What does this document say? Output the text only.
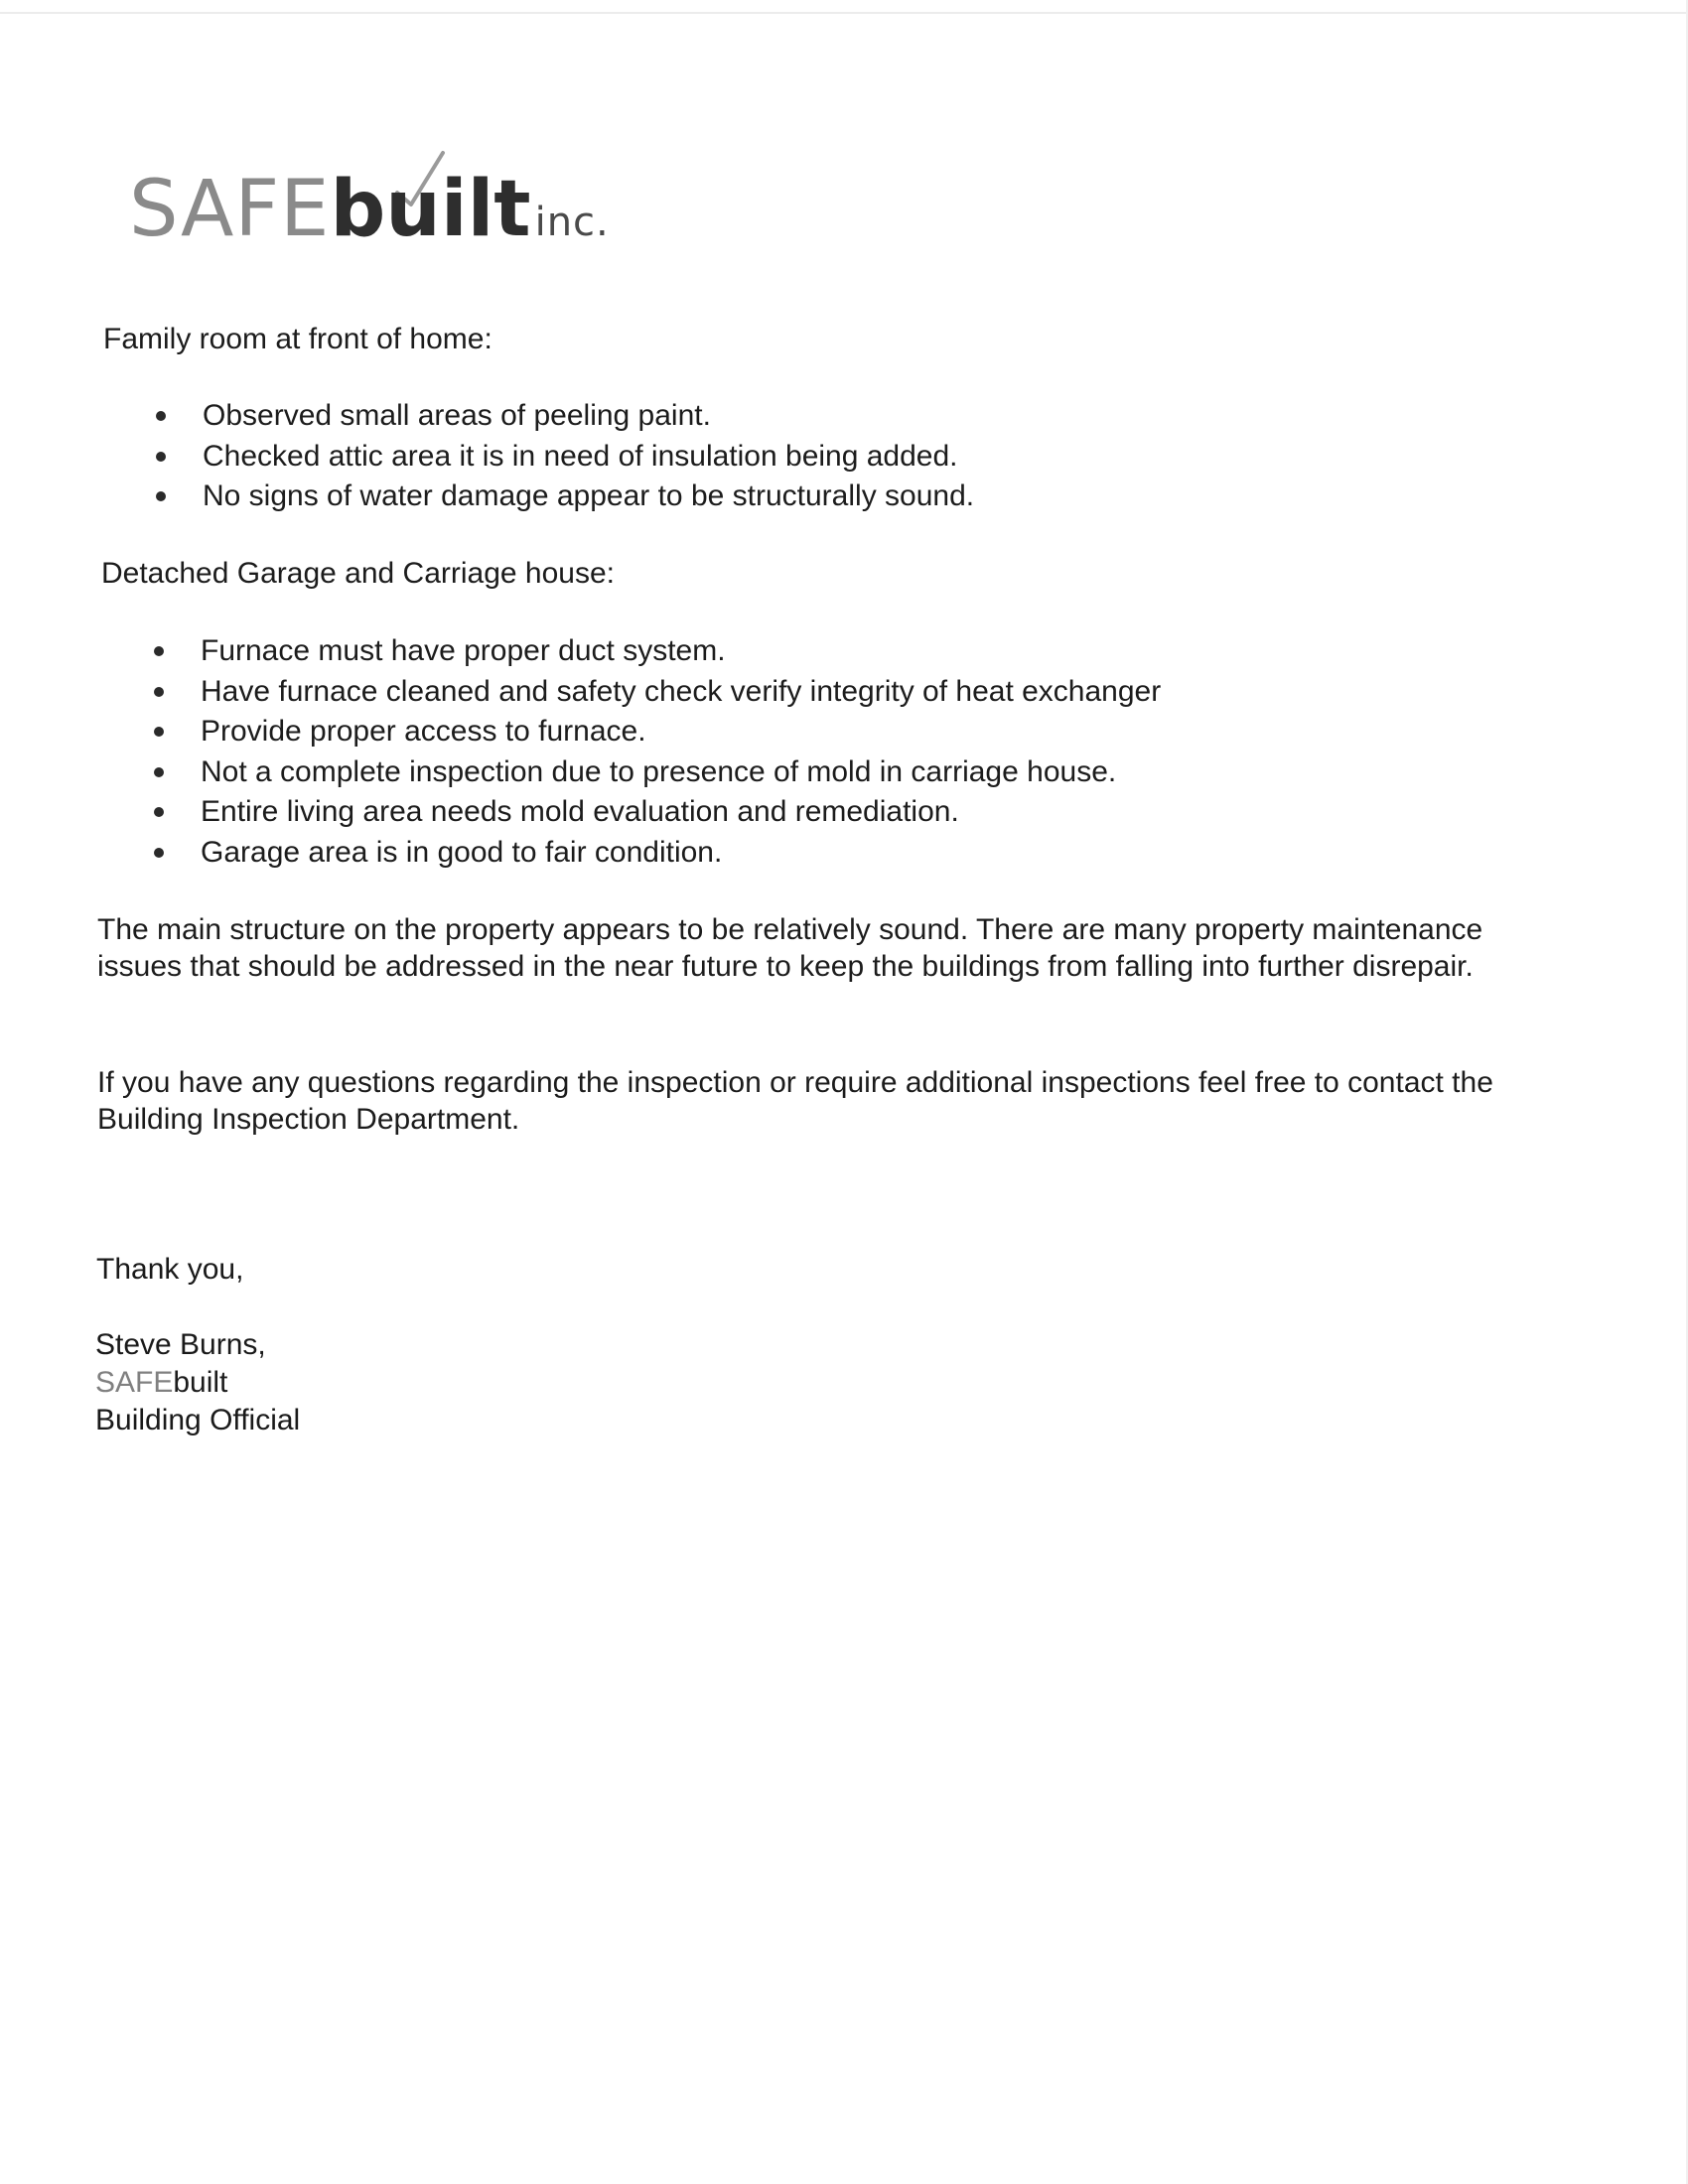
SAFEbuilt inc.
Family room at front of home:
Observed small areas of peeling paint.
Checked attic area it is in need of insulation being added.
No signs of water damage appear to be structurally sound.
Detached Garage and Carriage house:
Furnace must have proper duct system.
Have furnace cleaned and safety check verify integrity of heat exchanger
Provide proper access to furnace.
Not a complete inspection due to presence of mold in carriage house.
Entire living area needs mold evaluation and remediation.
Garage area is in good to fair condition.
The main structure on the property appears to be relatively sound. There are many property maintenance issues that should be addressed in the near future to keep the buildings from falling into further disrepair.
If you have any questions regarding the inspection or require additional inspections feel free to contact the Building Inspection Department.
Thank you,
Steve Burns,
SAFEbuilt
Building Official
